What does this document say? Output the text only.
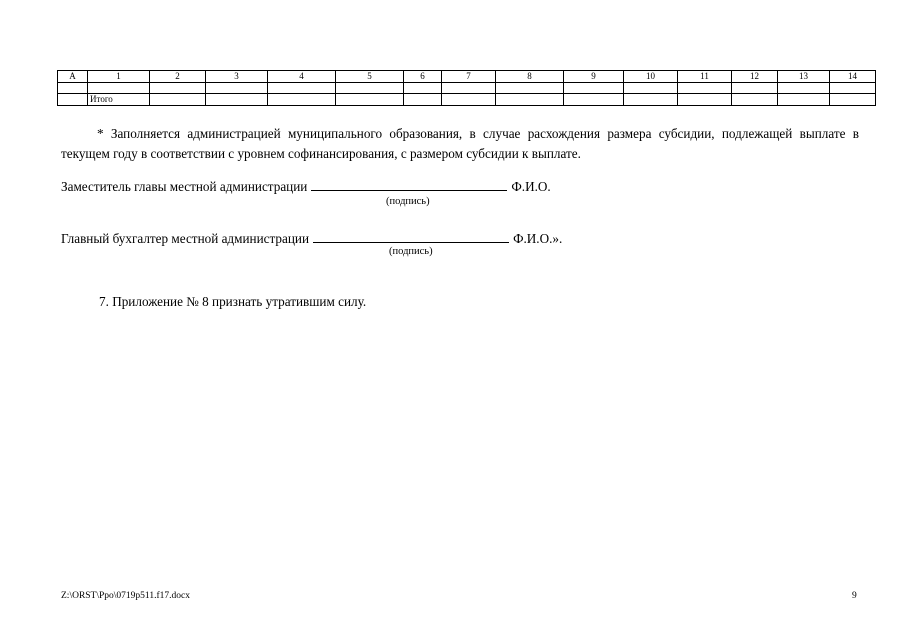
А	1	2	3	4	5	6	7	8	9	10	11	12	13	14

	Итого													

* Заполняется администрацией муниципального образования, в случае расхождения размера субсидии, подлежащей выплате в текущем году в соответствии с уровнем софинансирования, с размером субсидии к выплате.

Заместитель главы местной администрации	Ф.И.О.
(подпись)
Главный бухгалтер местной администрации	Ф.И.О.».
(подпись)
7. Приложение № 8 признать утратившим силу.
Z:\ORST\Ppo\0719p511.f17.docx	9
